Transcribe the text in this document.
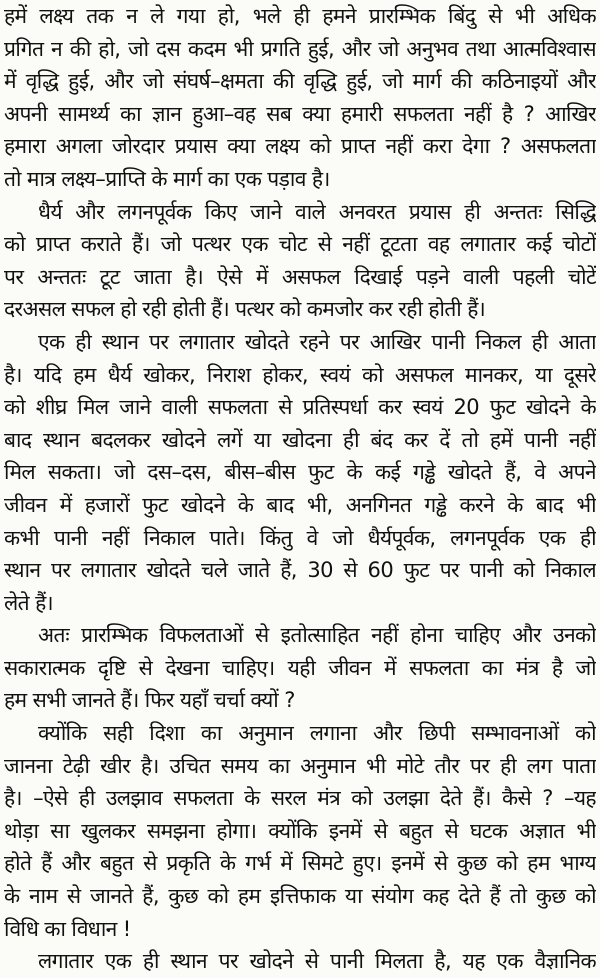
हमें लक्ष्य तक न ले गया हो, भले ही हमने प्रारम्भिक बिंदु से भी अधिक
प्रगित न की हो, जो दस कदम भी प्रगति हुई, और जो अनुभव तथा आत्मविश्वास
में वृद्धि हुई, और जो संघर्ष–क्षमता की वृद्धि हुई, जो मार्ग की कठिनाइयों और
अपनी सामर्थ्य का ज्ञान हुआ–वह सब क्या हमारी सफलता नहीं है ? आखिर
हमारा अगला जोरदार प्रयास क्या लक्ष्य को प्राप्त नहीं करा देगा ? असफलता
तो मात्र लक्ष्य–प्राप्ति के मार्ग का एक पड़ाव है।
धैर्य और लगनपूर्वक किए जाने वाले अनवरत प्रयास ही अन्ततः सिद्धि
को प्राप्त कराते हैं। जो पत्थर एक चोट से नहीं टूटता वह लगातार कई चोटों
पर अन्ततः टूट जाता है। ऐसे में असफल दिखाई पड़ने वाली पहली चोटें
दरअसल सफल हो रही होती हैं। पत्थर को कमजोर कर रही होती हैं।
एक ही स्थान पर लगातार खोदते रहने पर आखिर पानी निकल ही आता
है। यदि हम धैर्य खोकर, निराश होकर, स्वयं को असफल मानकर, या दूसरे
को शीघ्र मिल जाने वाली सफलता से प्रतिस्पर्धा कर स्वयं 20 फुट खोदने के
बाद स्थान बदलकर खोदने लगें या खोदना ही बंद कर दें तो हमें पानी नहीं
मिल सकता। जो दस–दस, बीस–बीस फुट के कई गड्ढे खोदते हैं, वे अपने
जीवन में हजारों फुट खोदने के बाद भी, अनगिनत गड्ढे करने के बाद भी
कभी पानी नहीं निकाल पाते। किंतु वे जो धैर्यपूर्वक, लगनपूर्वक एक ही
स्थान पर लगातार खोदते चले जाते हैं, 30 से 60 फुट पर पानी को निकाल
लेते हैं।
अतः प्रारम्भिक विफलताओं से इतोत्साहित नहीं होना चाहिए और उनको
सकारात्मक दृष्टि से देखना चाहिए। यही जीवन में सफलता का मंत्र है जो
हम सभी जानते हैं। फिर यहाँ चर्चा क्यों ?
क्योंकि सही दिशा का अनुमान लगाना और छिपी सम्भावनाओं को
जानना टेढ़ी खीर है। उचित समय का अनुमान भी मोटे तौर पर ही लग पाता
है। –ऐसे ही उलझाव सफलता के सरल मंत्र को उलझा देते हैं। कैसे ? –यह
थोड़ा सा खुलकर समझना होगा। क्योंकि इनमें से बहुत से घटक अज्ञात भी
होते हैं और बहुत से प्रकृति के गर्भ में सिमटे हुए। इनमें से कुछ को हम भाग्य
के नाम से जानते हैं, कुछ को हम इत्तिफाक या संयोग कह देते हैं तो कुछ को
विधि का विधान !
लगातार एक ही स्थान पर खोदने से पानी मिलता है, यह एक वैज्ञानिक
